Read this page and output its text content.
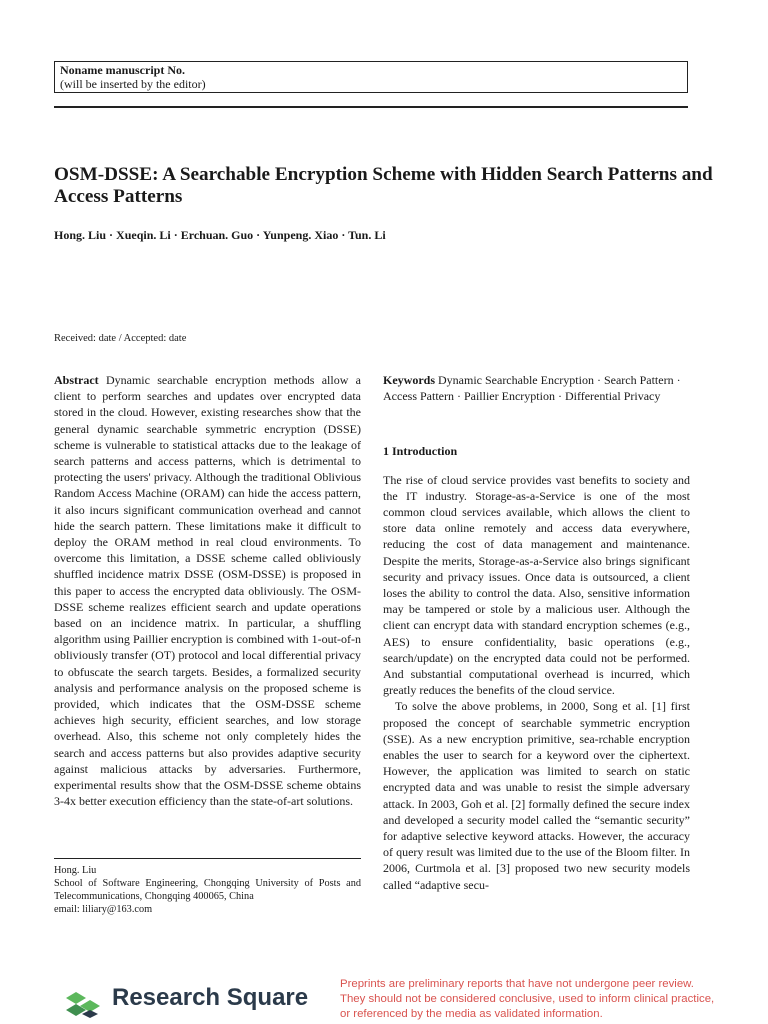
Noname manuscript No.
(will be inserted by the editor)
OSM-DSSE: A Searchable Encryption Scheme with Hidden Search Patterns and Access Patterns
Hong. Liu · Xueqin. Li · Erchuan. Guo · Yunpeng. Xiao · Tun. Li
Received: date / Accepted: date

Abstract Dynamic searchable encryption methods allow a client to perform searches and updates over encrypted data stored in the cloud. However, existing researches show that the general dynamic searchable symmetric encryption (DSSE) scheme is vulnerable to statistical attacks due to the leakage of search patterns and access patterns, which is detrimental to protecting the users' privacy. Although the traditional Oblivious Random Access Machine (ORAM) can hide the access pattern, it also incurs significant communication overhead and cannot hide the search pattern. These limitations make it difficult to deploy the ORAM method in real cloud environments. To overcome this limitation, a DSSE scheme called obliviously shuffled incidence matrix DSSE (OSM-DSSE) is proposed in this paper to access the encrypted data obliviously. The OSM-DSSE scheme realizes efficient search and update operations based on an incidence matrix. In particular, a shuffling algorithm using Paillier encryption is combined with 1-out-of-n obliviously transfer (OT) protocol and local differential privacy to obfuscate the search targets. Besides, a formalized security analysis and performance analysis on the proposed scheme is provided, which indicates that the OSM-DSSE scheme achieves high security, efficient searches, and low storage overhead. Also, this scheme not only completely hides the search and access patterns but also provides adaptive security against malicious attacks by adversaries. Furthermore, experimental results show that the OSM-DSSE scheme obtains 3-4x better execution efficiency than the state-of-art solutions.

Keywords Dynamic Searchable Encryption · Search Pattern · Access Pattern · Paillier Encryption · Differential Privacy

1 Introduction

The rise of cloud service provides vast benefits to society and the IT industry. Storage-as-a-Service is one of the most common cloud services available, which allows the client to store data online remotely and access data everywhere, reducing the cost of data management and maintenance. Despite the merits, Storage-as-a-Service also brings significant security and privacy issues. Once data is outsourced, a client loses the ability to control the data. Also, sensitive information may be tampered or stole by a malicious user. Although the client can encrypt data with standard encryption schemes (e.g., AES) to ensure confidentiality, basic operations (e.g., search/update) on the encrypted data could not be performed. And substantial computational overhead is incurred, which greatly reduces the benefits of the cloud service.

To solve the above problems, in 2000, Song et al. [1] first proposed the concept of searchable symmetric encryption (SSE). As a new encryption primitive, sea-rchable encryption enables the user to search for a keyword over the ciphertext. However, the application was limited to search on static encrypted data and was unable to resist the simple adversary attack. In 2003, Goh et al. [2] formally defined the secure index and developed a security model called the “semantic security” for adaptive selective keyword attacks. However, the accuracy of query result was limited due to the use of the Bloom filter. In 2006, Curtmola et al. [3] proposed two new security models called “adaptive secu-

Hong. Liu
School of Software Engineering, Chongqing University of Posts and Telecommunications, Chongqing 400065, China
email: liliary@163.com
Research Square	Preprints are preliminary reports that have not undergone peer review.
They should not be considered conclusive, used to inform clinical practice,
or referenced by the media as validated information.
